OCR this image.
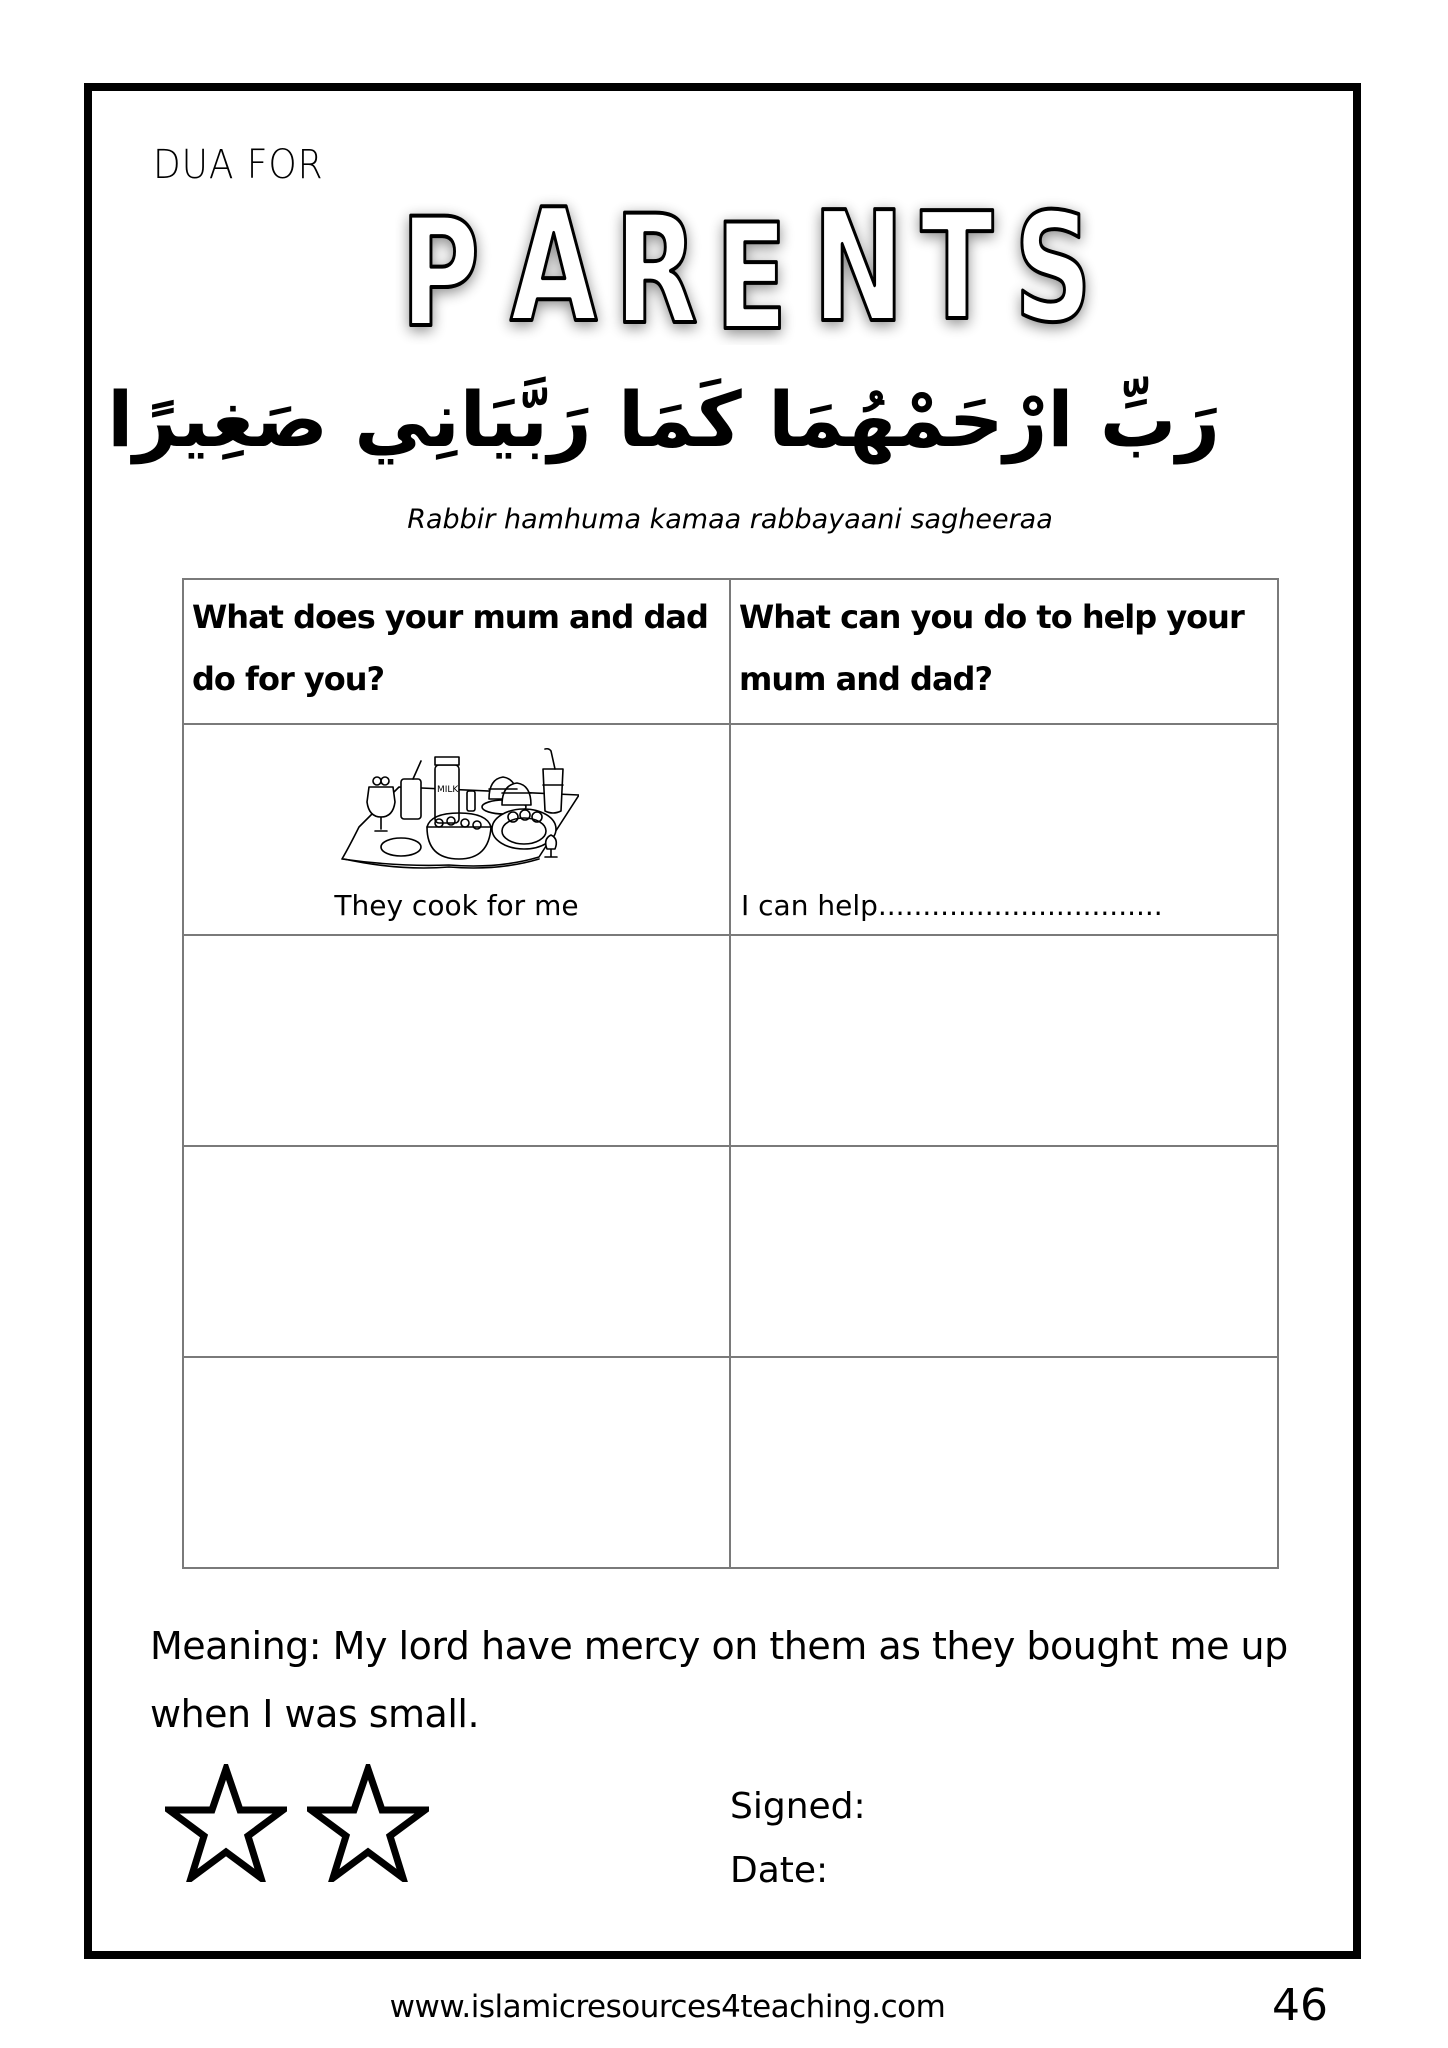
DUA FOR
P A R E N T S
رَبِّ ارْحَمْهُمَا كَمَا رَبَّيَانِي صَغِيرًا
Rabbir hamhuma kamaa rabbayaani sagheeraa
What does your mum and dad do for you?	What can you do to help your mum and dad?

MILK
They cook for me	I can help................................

Meaning: My lord have mercy on them as they bought me up when I was small.
Signed:
Date:
www.islamicresources4teaching.com	46
